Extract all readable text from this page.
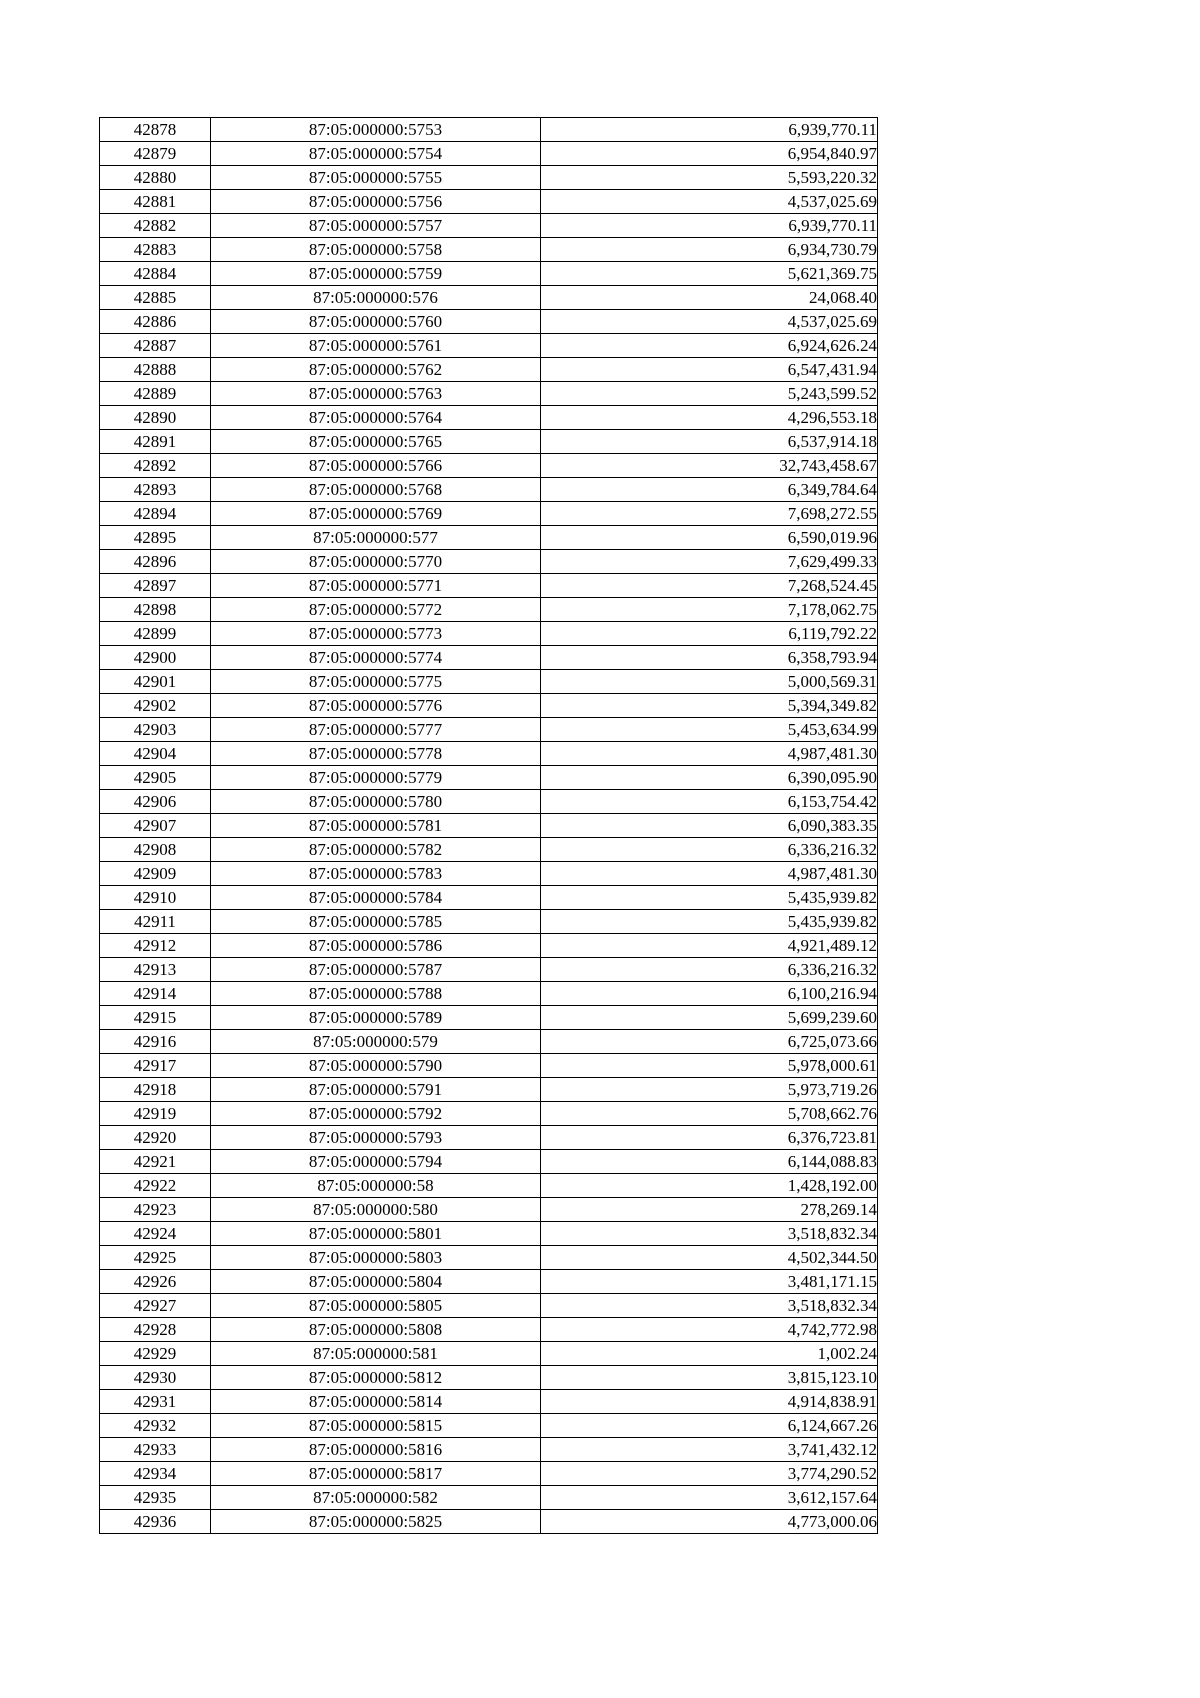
42878	87:05:000000:5753	6,939,770.11
42879	87:05:000000:5754	6,954,840.97
42880	87:05:000000:5755	5,593,220.32
42881	87:05:000000:5756	4,537,025.69
42882	87:05:000000:5757	6,939,770.11
42883	87:05:000000:5758	6,934,730.79
42884	87:05:000000:5759	5,621,369.75
42885	87:05:000000:576	24,068.40
42886	87:05:000000:5760	4,537,025.69
42887	87:05:000000:5761	6,924,626.24
42888	87:05:000000:5762	6,547,431.94
42889	87:05:000000:5763	5,243,599.52
42890	87:05:000000:5764	4,296,553.18
42891	87:05:000000:5765	6,537,914.18
42892	87:05:000000:5766	32,743,458.67
42893	87:05:000000:5768	6,349,784.64
42894	87:05:000000:5769	7,698,272.55
42895	87:05:000000:577	6,590,019.96
42896	87:05:000000:5770	7,629,499.33
42897	87:05:000000:5771	7,268,524.45
42898	87:05:000000:5772	7,178,062.75
42899	87:05:000000:5773	6,119,792.22
42900	87:05:000000:5774	6,358,793.94
42901	87:05:000000:5775	5,000,569.31
42902	87:05:000000:5776	5,394,349.82
42903	87:05:000000:5777	5,453,634.99
42904	87:05:000000:5778	4,987,481.30
42905	87:05:000000:5779	6,390,095.90
42906	87:05:000000:5780	6,153,754.42
42907	87:05:000000:5781	6,090,383.35
42908	87:05:000000:5782	6,336,216.32
42909	87:05:000000:5783	4,987,481.30
42910	87:05:000000:5784	5,435,939.82
42911	87:05:000000:5785	5,435,939.82
42912	87:05:000000:5786	4,921,489.12
42913	87:05:000000:5787	6,336,216.32
42914	87:05:000000:5788	6,100,216.94
42915	87:05:000000:5789	5,699,239.60
42916	87:05:000000:579	6,725,073.66
42917	87:05:000000:5790	5,978,000.61
42918	87:05:000000:5791	5,973,719.26
42919	87:05:000000:5792	5,708,662.76
42920	87:05:000000:5793	6,376,723.81
42921	87:05:000000:5794	6,144,088.83
42922	87:05:000000:58	1,428,192.00
42923	87:05:000000:580	278,269.14
42924	87:05:000000:5801	3,518,832.34
42925	87:05:000000:5803	4,502,344.50
42926	87:05:000000:5804	3,481,171.15
42927	87:05:000000:5805	3,518,832.34
42928	87:05:000000:5808	4,742,772.98
42929	87:05:000000:581	1,002.24
42930	87:05:000000:5812	3,815,123.10
42931	87:05:000000:5814	4,914,838.91
42932	87:05:000000:5815	6,124,667.26
42933	87:05:000000:5816	3,741,432.12
42934	87:05:000000:5817	3,774,290.52
42935	87:05:000000:582	3,612,157.64
42936	87:05:000000:5825	4,773,000.06
